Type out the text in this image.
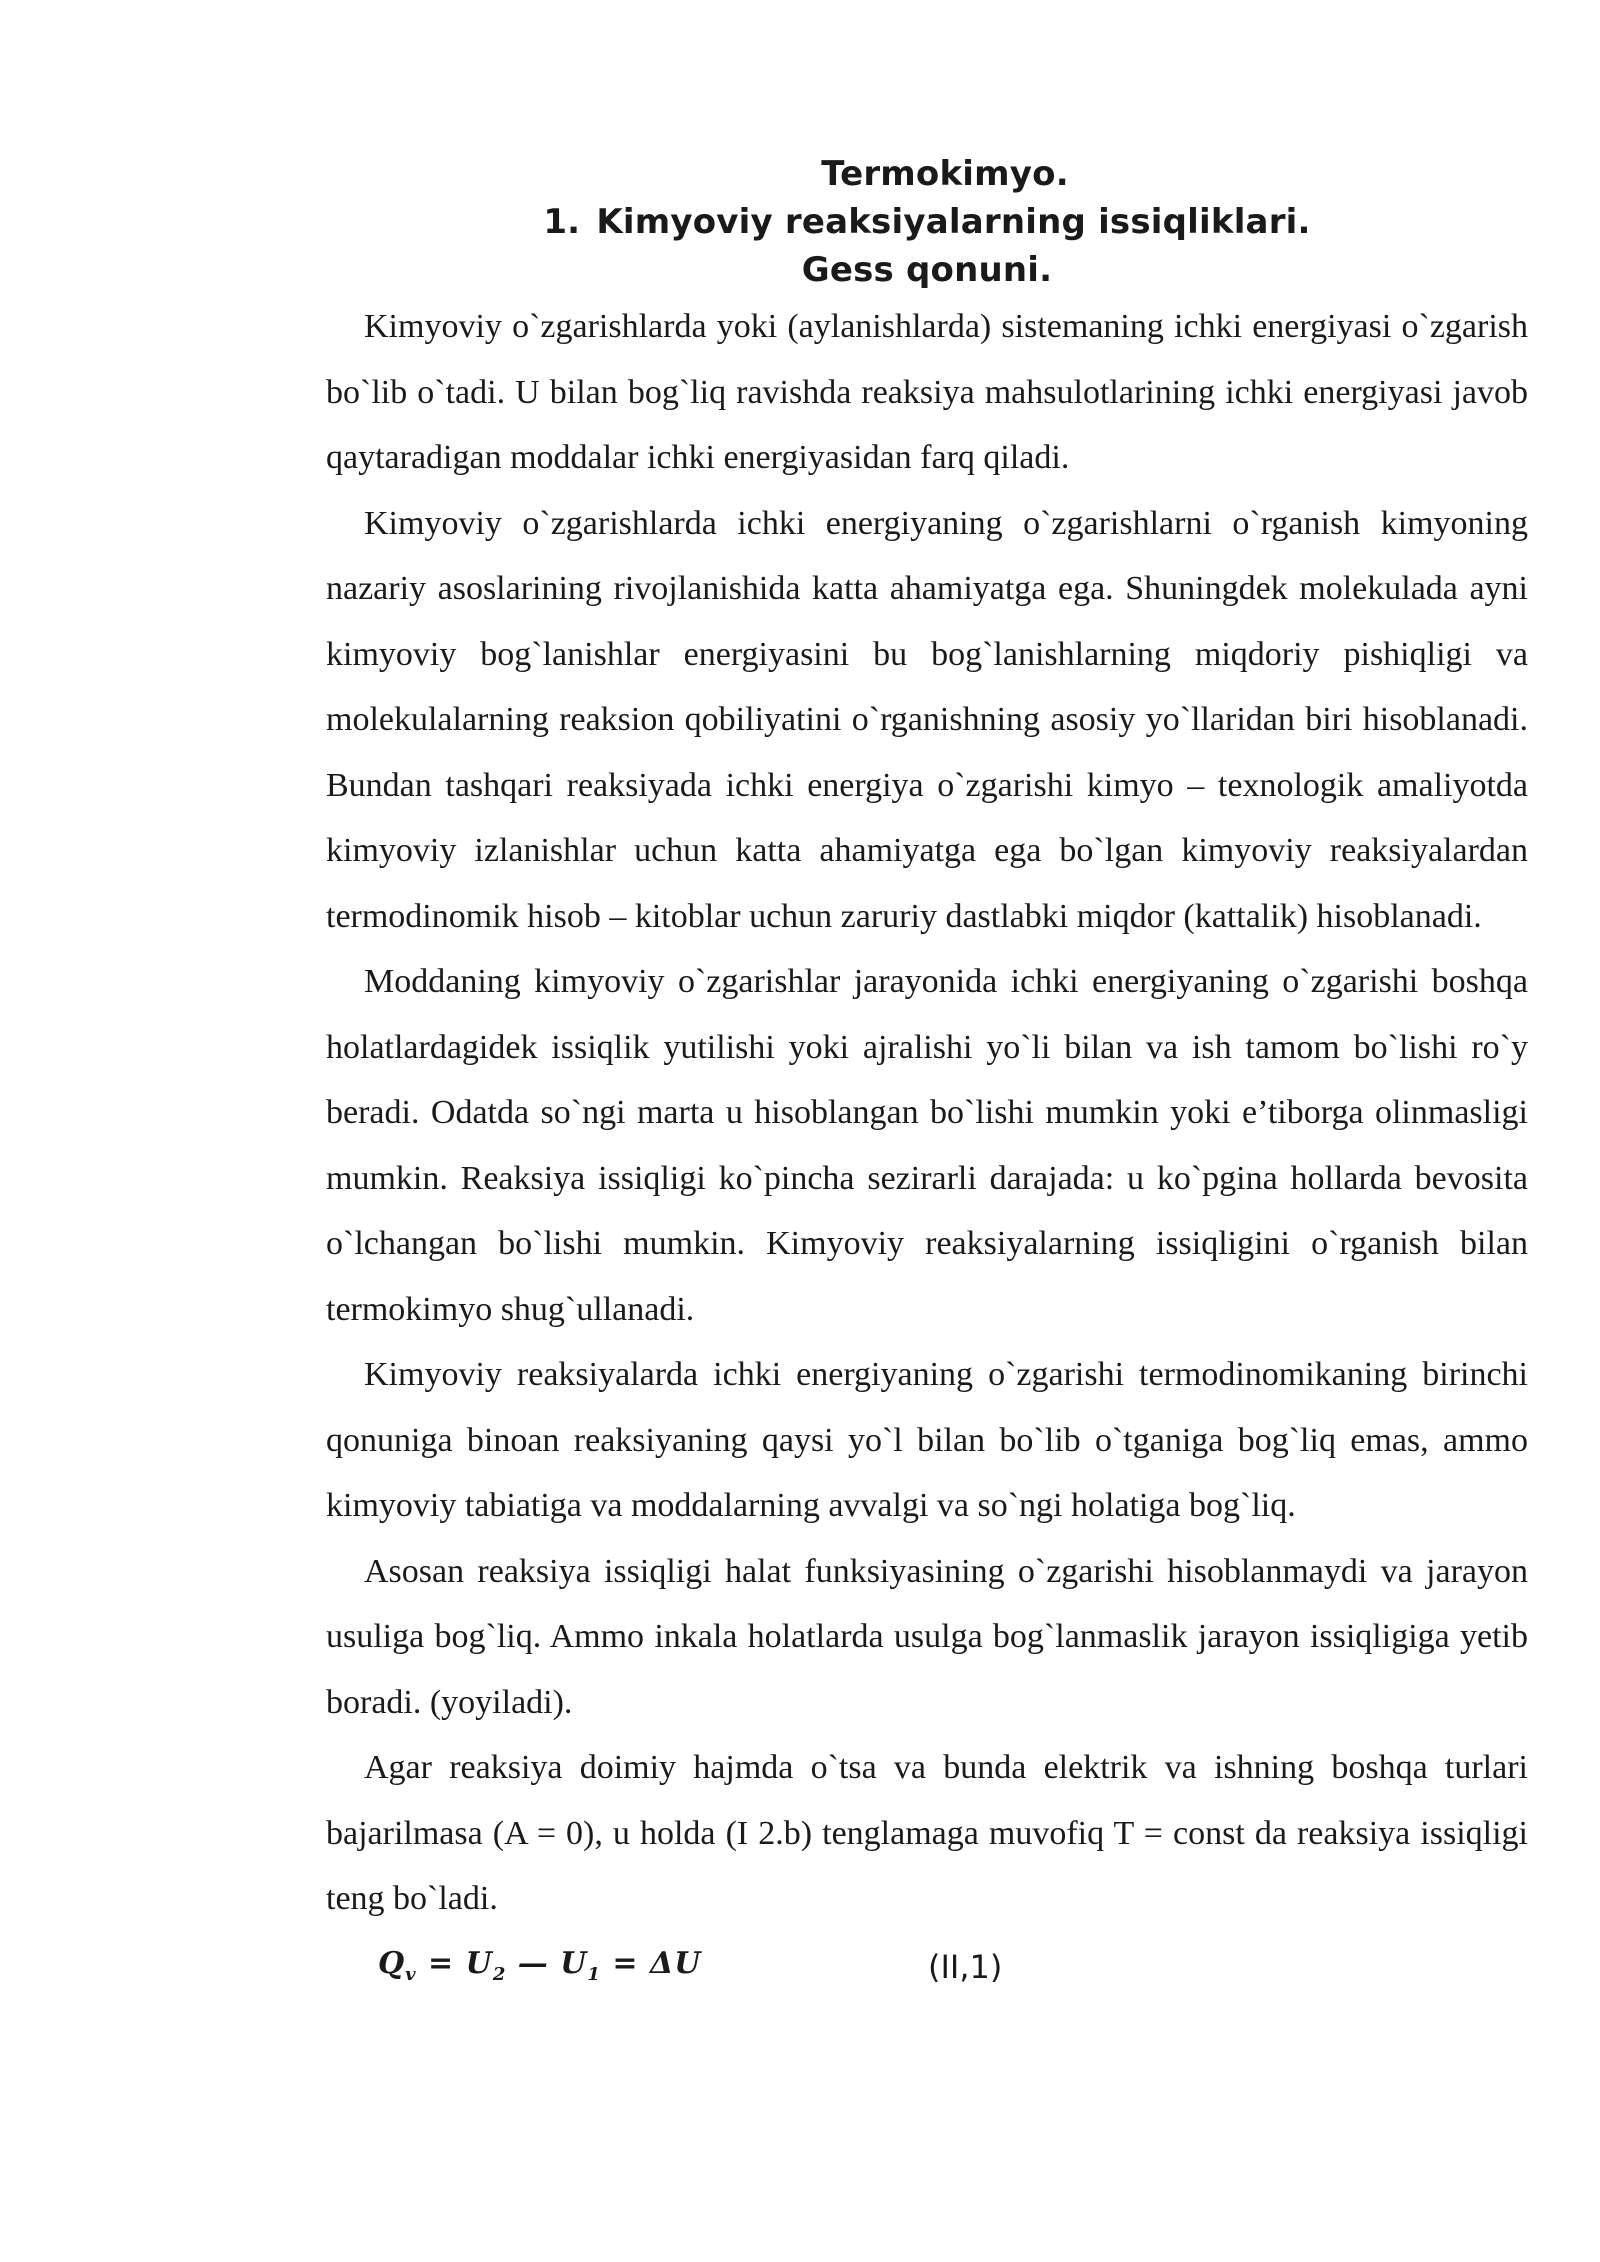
Termokimyo.

1. Kimyoviy reaksiyalarning issiqliklari.

Gess qonuni.

Kimyoviy o`zgarishlarda yoki (aylanishlarda) sistemaning ichki energiyasi o`zgarish bo`lib o`tadi. U bilan bog`liq ravishda reaksiya mahsulotlarining ichki energiyasi javob qaytaradigan moddalar ichki energiyasidan farq qiladi.

Kimyoviy o`zgarishlarda ichki energiyaning o`zgarishlarni o`rganish kimyoning nazariy asoslarining rivojlanishida katta ahamiyatga ega. Shuningdek molekulada ayni kimyoviy bog`lanishlar energiyasini bu bog`lanishlarning miqdoriy pishiqligi va molekulalarning reaksion qobiliyatini o`rganishning asosiy yo`llaridan biri hisoblanadi. Bundan tashqari reaksiyada ichki energiya o`zgarishi kimyo – texnologik amaliyotda kimyoviy izlanishlar uchun katta ahamiyatga ega bo`lgan kimyoviy reaksiyalardan termodinomik hisob – kitoblar uchun zaruriy dastlabki miqdor (kattalik) hisoblanadi.

Moddaning kimyoviy o`zgarishlar jarayonida ichki energiyaning o`zgarishi boshqa holatlardagidek issiqlik yutilishi yoki ajralishi yo`li bilan va ish tamom bo`lishi ro`y beradi. Odatda so`ngi marta u hisoblangan bo`lishi mumkin yoki e’tiborga olinmasligi mumkin. Reaksiya issiqligi ko`pincha sezirarli darajada: u ko`pgina hollarda bevosita o`lchangan bo`lishi mumkin. Kimyoviy reaksiyalarning issiqligini o`rganish bilan termokimyo shug`ullanadi.

Kimyoviy reaksiyalarda ichki energiyaning o`zgarishi termodinomikaning birinchi qonuniga binoan reaksiyaning qaysi yo`l bilan bo`lib o`tganiga bog`liq emas, ammo kimyoviy tabiatiga va moddalarning avvalgi va so`ngi holatiga bog`liq.

Asosan reaksiya issiqligi halat funksiyasining o`zgarishi hisoblanmaydi va jarayon usuliga bog`liq. Ammo inkala holatlarda usulga bog`lanmaslik jarayon issiqligiga yetib boradi. (yoyiladi).

Agar reaksiya doimiy hajmda o`tsa va bunda elektrik va ishning boshqa turlari bajarilmasa (A = 0), u holda (I 2.b) tenglamaga muvofiq T = const da reaksiya issiqligi teng bo`ladi.

$Q_v = U_2$ — $U_1 = \Delta U$	(II,1)
